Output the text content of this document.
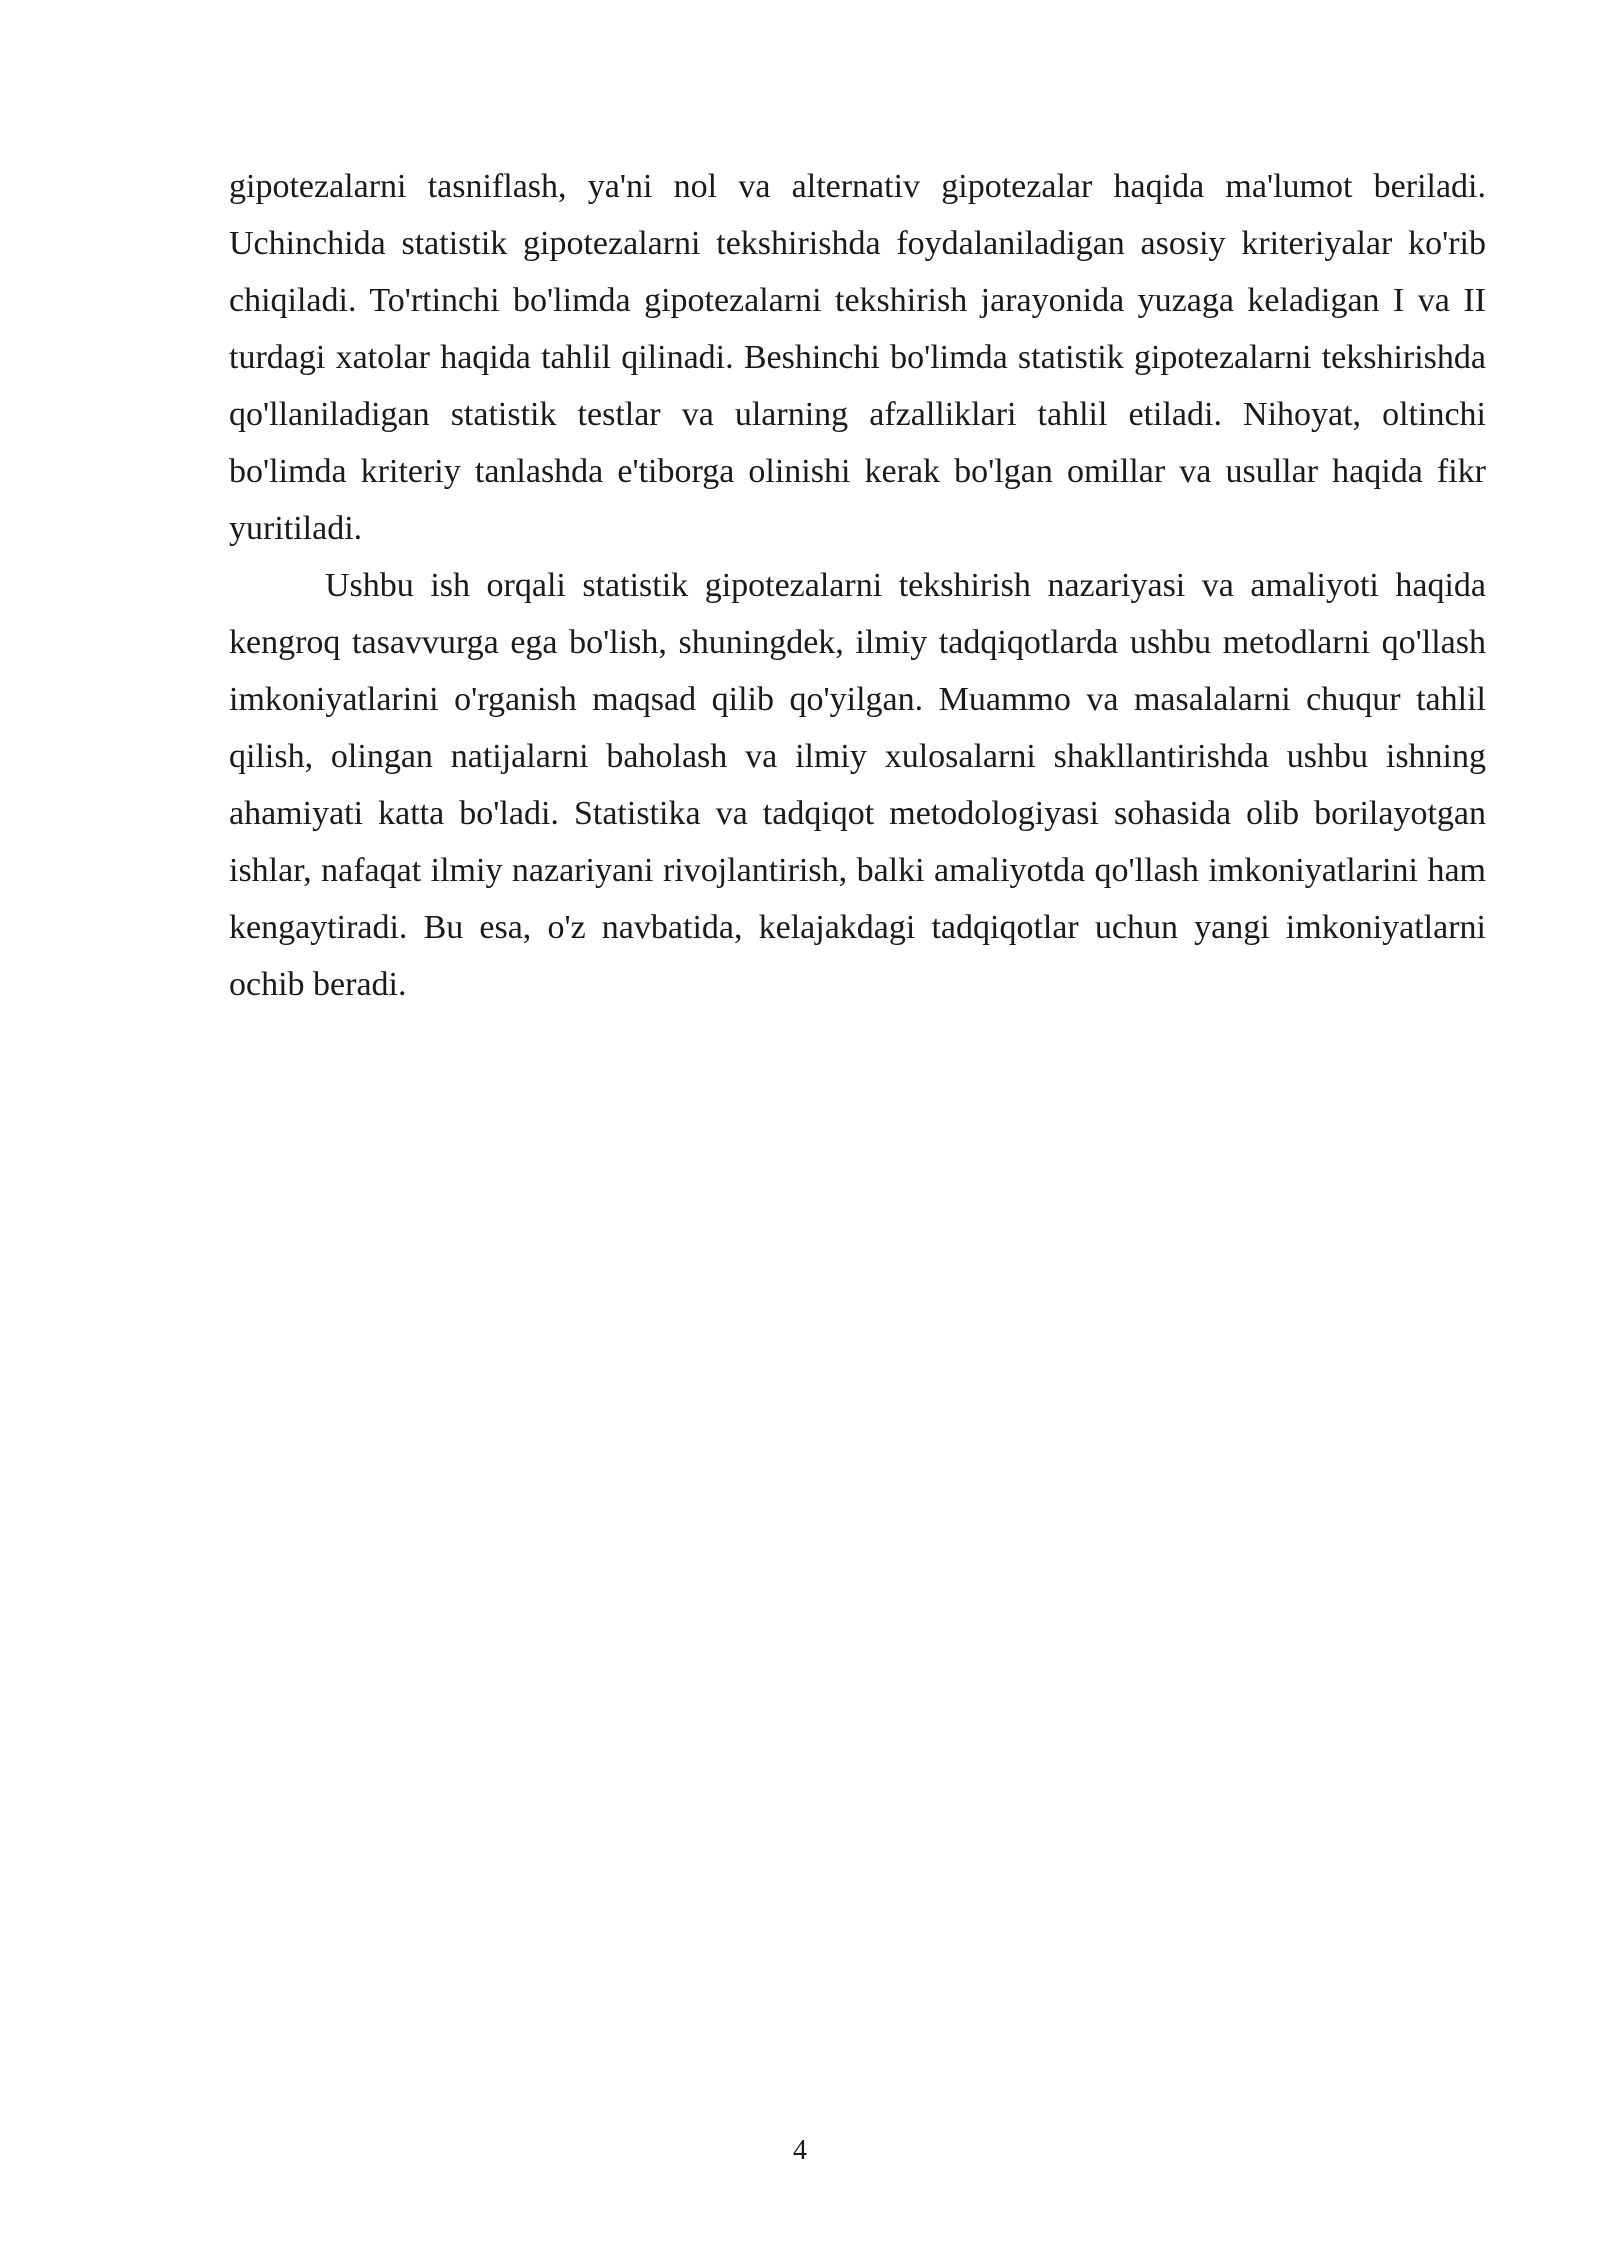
gipotezalarni tasniflash, ya'ni nol va alternativ gipotezalar haqida ma'lumot beriladi. Uchinchida statistik gipotezalarni tekshirishda foydalaniladigan asosiy kriteriyalar ko'rib chiqiladi. To'rtinchi bo'limda gipotezalarni tekshirish jarayonida yuzaga keladigan I va II turdagi xatolar haqida tahlil qilinadi. Beshinchi bo'limda statistik gipotezalarni tekshirishda qo'llaniladigan statistik testlar va ularning afzalliklari tahlil etiladi. Nihoyat, oltinchi bo'limda kriteriy tanlashda e'tiborga olinishi kerak bo'lgan omillar va usullar haqida fikr yuritiladi.

Ushbu ish orqali statistik gipotezalarni tekshirish nazariyasi va amaliyoti haqida kengroq tasavvurga ega bo'lish, shuningdek, ilmiy tadqiqotlarda ushbu metodlarni qo'llash imkoniyatlarini o'rganish maqsad qilib qo'yilgan. Muammo va masalalarni chuqur tahlil qilish, olingan natijalarni baholash va ilmiy xulosalarni shakllantirishda ushbu ishning ahamiyati katta bo'ladi. Statistika va tadqiqot metodologiyasi sohasida olib borilayotgan ishlar, nafaqat ilmiy nazariyani rivojlantirish, balki amaliyotda qo'llash imkoniyatlarini ham kengaytiradi. Bu esa, o'z navbatida, kelajakdagi tadqiqotlar uchun yangi imkoniyatlarni ochib beradi.

4
